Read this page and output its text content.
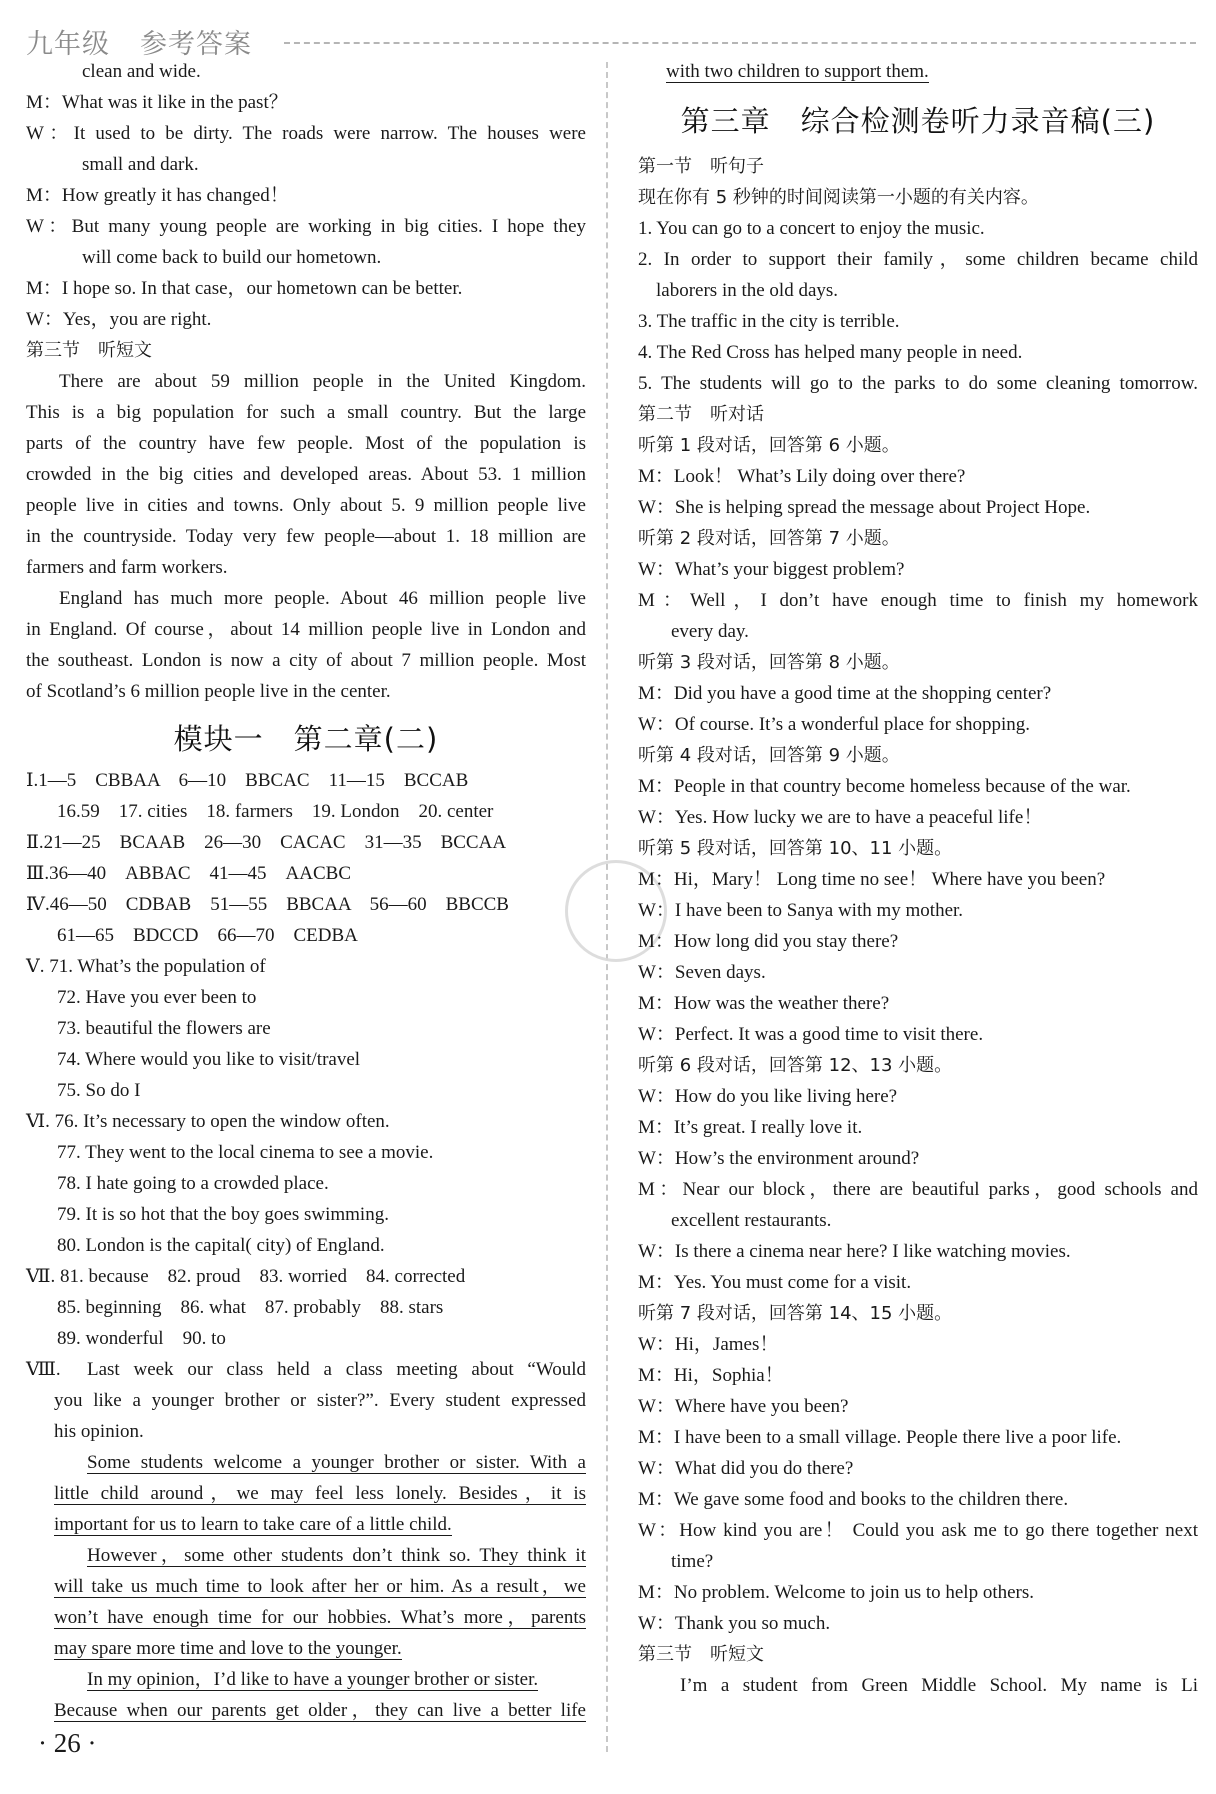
九年级 参考答案
clean and wide.
M：What was it like in the past？
W：It used to be dirty. The roads were narrow. The houses were
small and dark.
M：How greatly it has changed！
W：But many young people are working in big cities. I hope they
will come back to build our hometown.
M：I hope so. In that case，our hometown can be better.
W：Yes，you are right.
第三节　听短文
There are about 59 million people in the United Kingdom.
This is a big population for such a small country. But the large
parts of the country have few people. Most of the population is
crowded in the big cities and developed areas. About 53. 1 million
people live in cities and towns. Only about 5. 9 million people live
in the countryside. Today very few people—about 1. 18 million are
farmers and farm workers.
England has much more people. About 46 million people live
in England. Of course，about 14 million people live in London and
the southeast. London is now a city of about 7 million people. Most
of Scotland’s 6 million people live in the center.
模块一　第二章(二)
Ⅰ.1—5　CBBAA　6—10　BBCAC　11—15　BCCAB
　16.59　17. cities　18. farmers　19. London　20. center
Ⅱ.21—25　BCAAB　26—30　CACAC　31—35　BCCAA
Ⅲ.36—40　ABBAC　41—45　AACBC
Ⅳ.46—50　CDBAB　51—55　BBCAA　56—60　BBCCB
　61—65　BDCCD　66—70　CEDBA
Ⅴ. 71. What’s the population of
　72. Have you ever been to
　73. beautiful the flowers are
　74. Where would you like to visit/travel
　75. So do I
Ⅵ. 76. It’s necessary to open the window often.
　77. They went to the local cinema to see a movie.
　78. I hate going to a crowded place.
　79. It is so hot that the boy goes swimming.
　80. London is the capital( city) of England.
Ⅶ. 81. because　82. proud　83. worried　84. corrected
　85. beginning　86. what　87. probably　88. stars
　89. wonderful　90. to
Ⅷ.	Last week our class held a class meeting about “Would
you like a younger brother or sister?”. Every student expressed
his opinion.
Some students welcome a younger brother or sister. With a
little child around，we may feel less lonely. Besides，it is
important for us to learn to take care of a little child.
However，some other students don’t think so. They think it
will take us much time to look after her or him. As a result，we
won’t have enough time for our hobbies. What’s more，parents
may spare more time and love to the younger.
In my opinion，I’d like to have a younger brother or sister.
Because when our parents get older，they can live a better life
with two children to support them.
第三章　综合检测卷听力录音稿(三)
第一节　听句子
现在你有 5 秒钟的时间阅读第一小题的有关内容。
1. You can go to a concert to enjoy the music.
2. In order to support their family，some children became child
laborers in the old days.
3. The traffic in the city is terrible.
4. The Red Cross has helped many people in need.
5. The students will go to the parks to do some cleaning tomorrow.
第二节　听对话
听第 1 段对话，回答第 6 小题。
M：Look！ What’s Lily doing over there?
W：She is helping spread the message about Project Hope.
听第 2 段对话，回答第 7 小题。
W：What’s your biggest problem?
M：Well，I don’t have enough time to finish my homework
every day.
听第 3 段对话，回答第 8 小题。
M：Did you have a good time at the shopping center?
W：Of course. It’s a wonderful place for shopping.
听第 4 段对话，回答第 9 小题。
M：People in that country become homeless because of the war.
W：Yes. How lucky we are to have a peaceful life！
听第 5 段对话，回答第 10、11 小题。
M：Hi，Mary！ Long time no see！ Where have you been?
W：I have been to Sanya with my mother.
M：How long did you stay there?
W：Seven days.
M：How was the weather there?
W：Perfect. It was a good time to visit there.
听第 6 段对话，回答第 12、13 小题。
W：How do you like living here?
M：It’s great. I really love it.
W：How’s the environment around?
M：Near our block，there are beautiful parks，good schools and
excellent restaurants.
W：Is there a cinema near here? I like watching movies.
M：Yes. You must come for a visit.
听第 7 段对话，回答第 14、15 小题。
W：Hi，James！
M：Hi，Sophia！
W：Where have you been?
M：I have been to a small village. People there live a poor life.
W：What did you do there?
M：We gave some food and books to the children there.
W：How kind you are！ Could you ask me to go there together next
time?
M：No problem. Welcome to join us to help others.
W：Thank you so much.
第三节　听短文
I’m a student from Green Middle School. My name is Li
· 26 ·
